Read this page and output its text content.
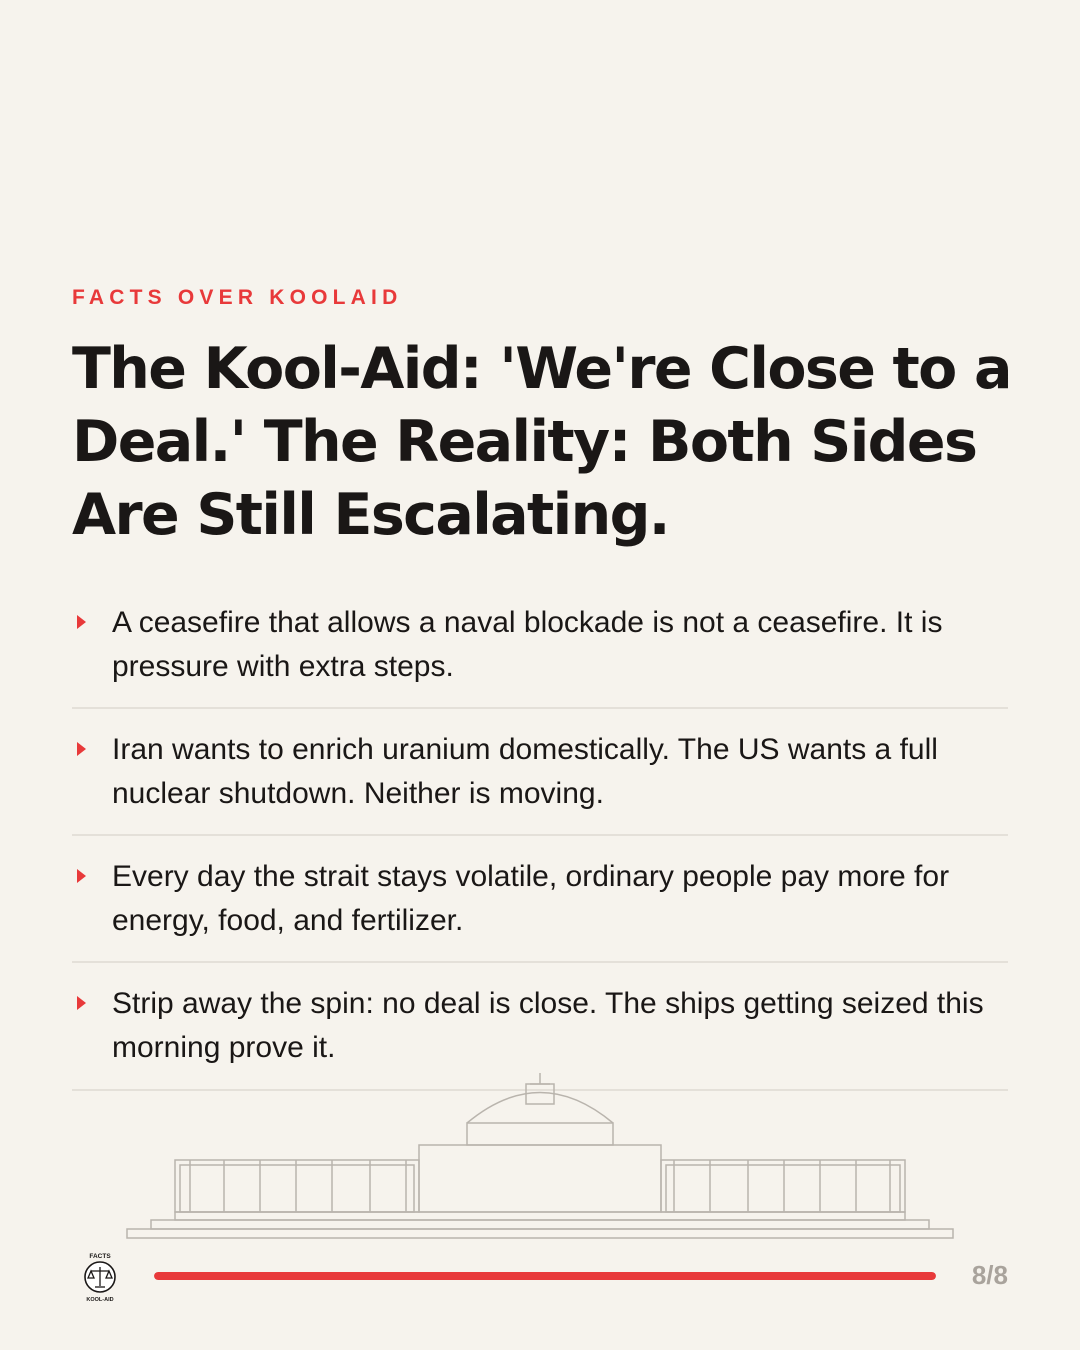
FACTS OVER KOOLAID
The Kool-Aid: 'We're Close to a Deal.' The Reality: Both Sides Are Still Escalating.
A ceasefire that allows a naval blockade is not a ceasefire. It is pressure with extra steps.
Iran wants to enrich uranium domestically. The US wants a full nuclear shutdown. Neither is moving.
Every day the strait stays volatile, ordinary people pay more for energy, food, and fertilizer.
Strip away the spin: no deal is close. The ships getting seized this morning prove it.
FACTS
KOOL-AID
8/8
